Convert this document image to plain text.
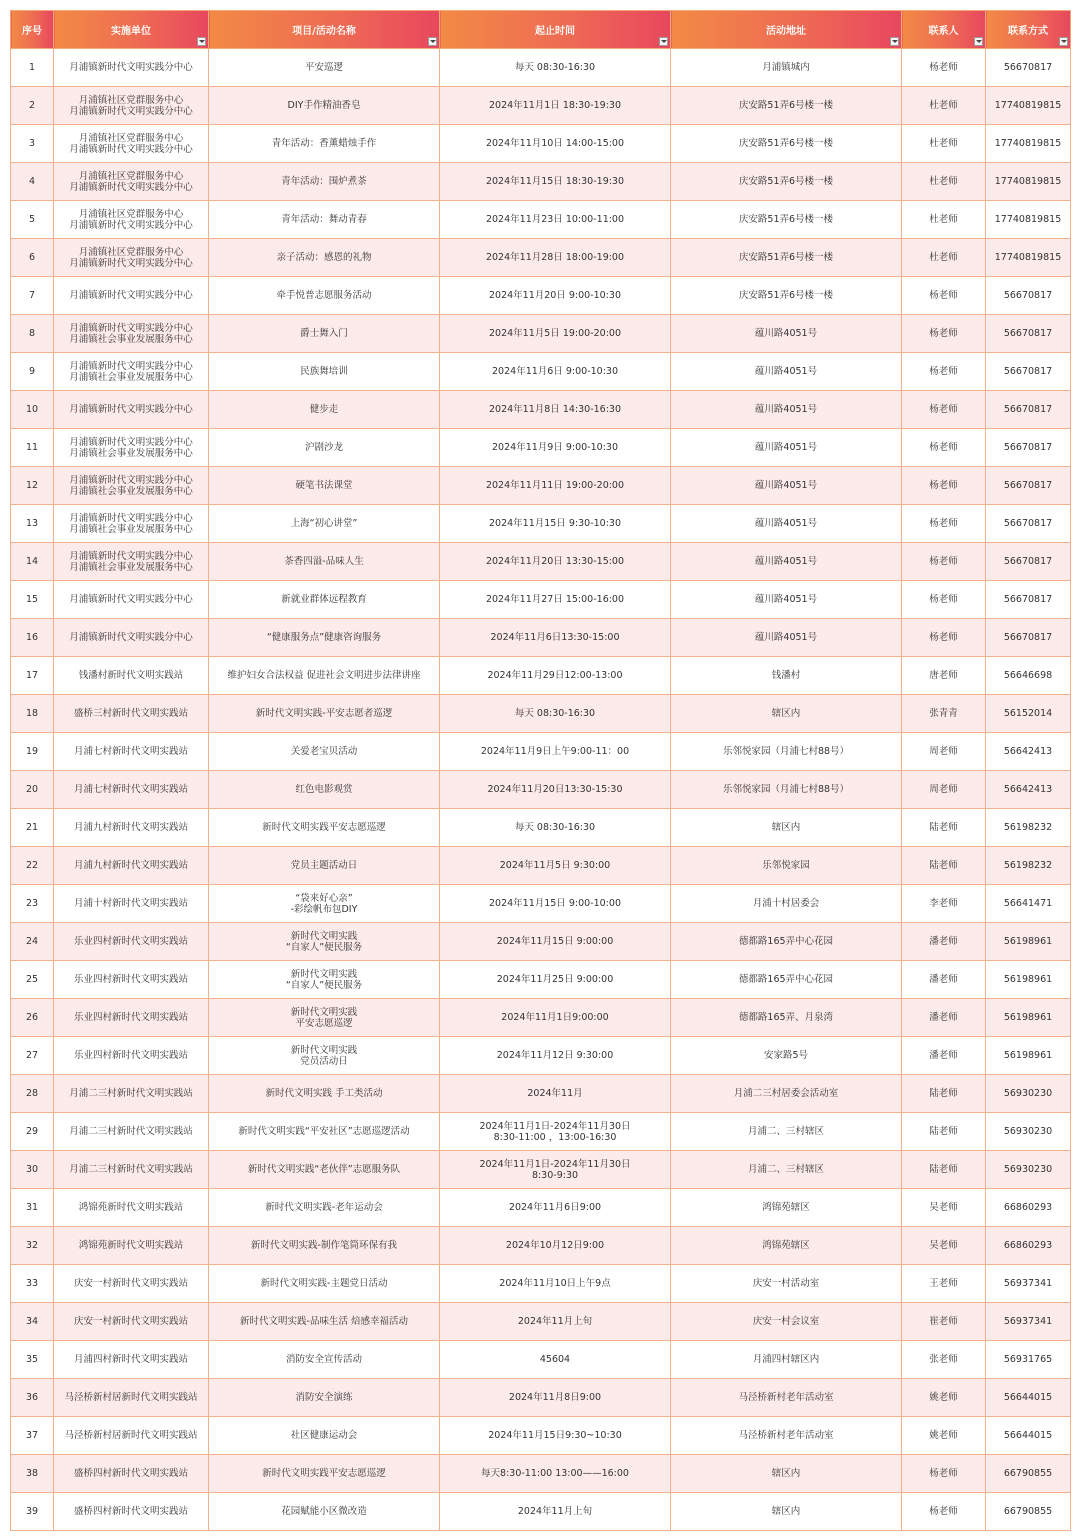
序号	实施单位	项目/活动名称	起止时间	活动地址	联系人	联系方式

1	月浦镇新时代文明实践分中心	平安巡逻	每天 08:30-16:30	月浦镇城内	杨老师	56670817
2	月浦镇社区党群服务中心
月浦镇新时代文明实践分中心	DIY手作精油香皂	2024年11月1日 18:30-19:30	庆安路51弄6号楼一楼	杜老师	17740819815
3	月浦镇社区党群服务中心
月浦镇新时代文明实践分中心	青年活动：香薰蜡烛手作	2024年11月10日 14:00-15:00	庆安路51弄6号楼一楼	杜老师	17740819815
4	月浦镇社区党群服务中心
月浦镇新时代文明实践分中心	青年活动：围炉煮茶	2024年11月15日 18:30-19:30	庆安路51弄6号楼一楼	杜老师	17740819815
5	月浦镇社区党群服务中心
月浦镇新时代文明实践分中心	青年活动：舞动青春	2024年11月23日 10:00-11:00	庆安路51弄6号楼一楼	杜老师	17740819815
6	月浦镇社区党群服务中心
月浦镇新时代文明实践分中心	亲子活动：感恩的礼物	2024年11月28日 18:00-19:00	庆安路51弄6号楼一楼	杜老师	17740819815
7	月浦镇新时代文明实践分中心	牵手悦普志愿服务活动	2024年11月20日 9:00-10:30	庆安路51弄6号楼一楼	杨老师	56670817
8	月浦镇新时代文明实践分中心
月浦镇社会事业发展服务中心	爵士舞入门	2024年11月5日 19:00-20:00	蕴川路4051号	杨老师	56670817
9	月浦镇新时代文明实践分中心
月浦镇社会事业发展服务中心	民族舞培训	2024年11月6日 9:00-10:30	蕴川路4051号	杨老师	56670817
10	月浦镇新时代文明实践分中心	健步走	2024年11月8日 14:30-16:30	蕴川路4051号	杨老师	56670817
11	月浦镇新时代文明实践分中心
月浦镇社会事业发展服务中心	沪剧沙龙	2024年11月9日 9:00-10:30	蕴川路4051号	杨老师	56670817
12	月浦镇新时代文明实践分中心
月浦镇社会事业发展服务中心	硬笔书法课堂	2024年11月11日 19:00-20:00	蕴川路4051号	杨老师	56670817
13	月浦镇新时代文明实践分中心
月浦镇社会事业发展服务中心	上海“初心讲堂”	2024年11月15日 9:30-10:30	蕴川路4051号	杨老师	56670817
14	月浦镇新时代文明实践分中心
月浦镇社会事业发展服务中心	茶香四溢-品味人生	2024年11月20日 13:30-15:00	蕴川路4051号	杨老师	56670817
15	月浦镇新时代文明实践分中心	新就业群体远程教育	2024年11月27日 15:00-16:00	蕴川路4051号	杨老师	56670817
16	月浦镇新时代文明实践分中心	“健康服务点”健康咨询服务	2024年11月6日13:30-15:00	蕴川路4051号	杨老师	56670817
17	钱潘村新时代文明实践站	维护妇女合法权益 促进社会文明进步法律讲座	2024年11月29日12:00-13:00	钱潘村	唐老师	56646698
18	盛桥三村新时代文明实践站	新时代文明实践-平安志愿者巡逻	每天 08:30-16:30	辖区内	张青青	56152014
19	月浦七村新时代文明实践站	关爱老宝贝活动	2024年11月9日上午9:00-11：00	乐邻悦家园（月浦七村88号）	周老师	56642413
20	月浦七村新时代文明实践站	红色电影观赏	2024年11月20日13:30-15:30	乐邻悦家园（月浦七村88号）	周老师	56642413
21	月浦九村新时代文明实践站	新时代文明实践平安志愿巡逻	每天 08:30-16:30	辖区内	陆老师	56198232
22	月浦九村新时代文明实践站	党员主题活动日	2024年11月5日 9:30:00	乐邻悦家园	陆老师	56198232
23	月浦十村新时代文明实践站	“袋来好心亲”
-彩绘帆布包DIY	2024年11月15日 9:00-10:00	月浦十村居委会	李老师	56641471
24	乐业四村新时代文明实践站	新时代文明实践
“自家人”便民服务	2024年11月15日 9:00:00	德都路165弄中心花园	潘老师	56198961
25	乐业四村新时代文明实践站	新时代文明实践
“自家人”便民服务	2024年11月25日 9:00:00	德都路165弄中心花园	潘老师	56198961
26	乐业四村新时代文明实践站	新时代文明实践
平安志愿巡逻	2024年11月1日9:00:00	德都路165弄、月泉湾	潘老师	56198961
27	乐业四村新时代文明实践站	新时代文明实践
党员活动日	2024年11月12日 9:30:00	安家路5号	潘老师	56198961
28	月浦二三村新时代文明实践站	新时代文明实践 手工类活动	2024年11月	月浦二三村居委会活动室	陆老师	56930230
29	月浦二三村新时代文明实践站	新时代文明实践“平安社区”志愿巡逻活动	2024年11月1日-2024年11月30日
8:30-11:00 ，13:00-16:30	月浦二、三村辖区	陆老师	56930230
30	月浦二三村新时代文明实践站	新时代文明实践“老伙伴”志愿服务队	2024年11月1日-2024年11月30日
8:30-9:30	月浦二、三村辖区	陆老师	56930230
31	鸿锦苑新时代文明实践站	新时代文明实践-老年运动会	2024年11月6日9:00	鸿锦苑辖区	吴老师	66860293
32	鸿锦苑新时代文明实践站	新时代文明实践-制作笔筒环保有我	2024年10月12日9:00	鸿锦苑辖区	吴老师	66860293
33	庆安一村新时代文明实践站	新时代文明实践-主题党日活动	2024年11月10日上午9点	庆安一村活动室	王老师	56937341
34	庆安一村新时代文明实践站	新时代文明实践-品味生活 焙感幸福活动	2024年11月上旬	庆安一村会议室	崔老师	56937341
35	月浦四村新时代文明实践站	消防安全宣传活动	45604	月浦四村辖区内	张老师	56931765
36	马泾桥新村居新时代文明实践站	消防安全演练	2024年11月8日9:00	马泾桥新村老年活动室	姚老师	56644015
37	马泾桥新村居新时代文明实践站	社区健康运动会	2024年11月15日9:30~10:30	马泾桥新村老年活动室	姚老师	56644015
38	盛桥四村新时代文明实践站	新时代文明实践平安志愿巡逻	每天8:30-11:00 13:00——16:00	辖区内	杨老师	66790855
39	盛桥四村新时代文明实践站	花园赋能小区微改造	2024年11月上旬	辖区内	杨老师	66790855
